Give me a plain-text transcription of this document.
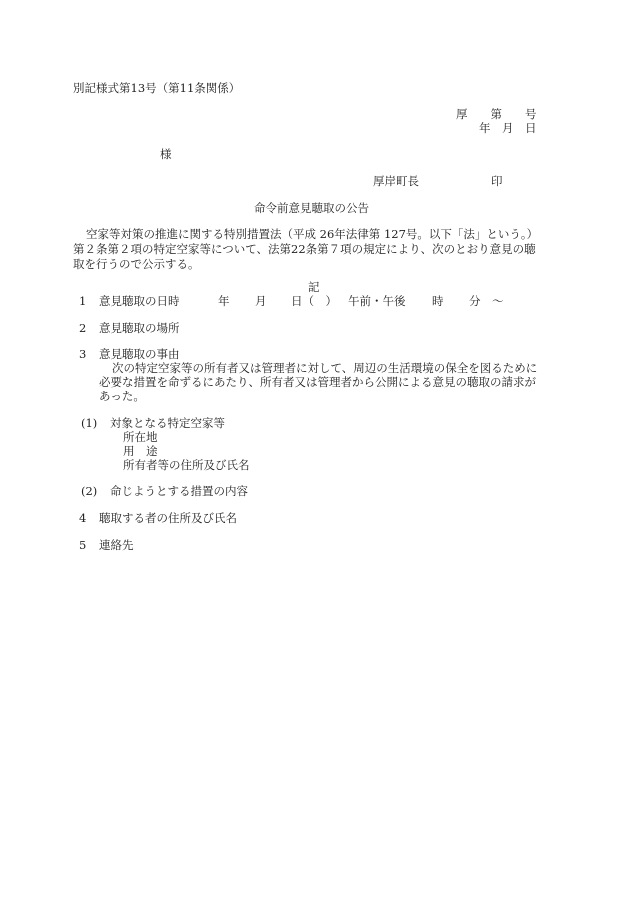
別記様式第13号（第11条関係）
厚　　第　　号
年　月　日
様
厚岸町長	印
命令前意見聴取の公告
空家等対策の推進に関する特別措置法（平成 26年法律第 127号。以下「法」という。）
第２条第２項の特定空家等について、法第22条第７項の規定により、次のとおり意見の聴
取を行うので公示する。
記
1 意見聴取の日時	年 月 日（　） 午前・午後 時 分　〜
2 意見聴取の場所
3 意見聴取の事由
次の特定空家等の所有者又は管理者に対して、周辺の生活環境の保全を図るために
必要な措置を命ずるにあたり、所有者又は管理者から公開による意見の聴取の請求が
あった。
(1) 対象となる特定空家等
所在地
用　途
所有者等の住所及び氏名
(2) 命じようとする措置の内容
4 聴取する者の住所及び氏名
5 連絡先
